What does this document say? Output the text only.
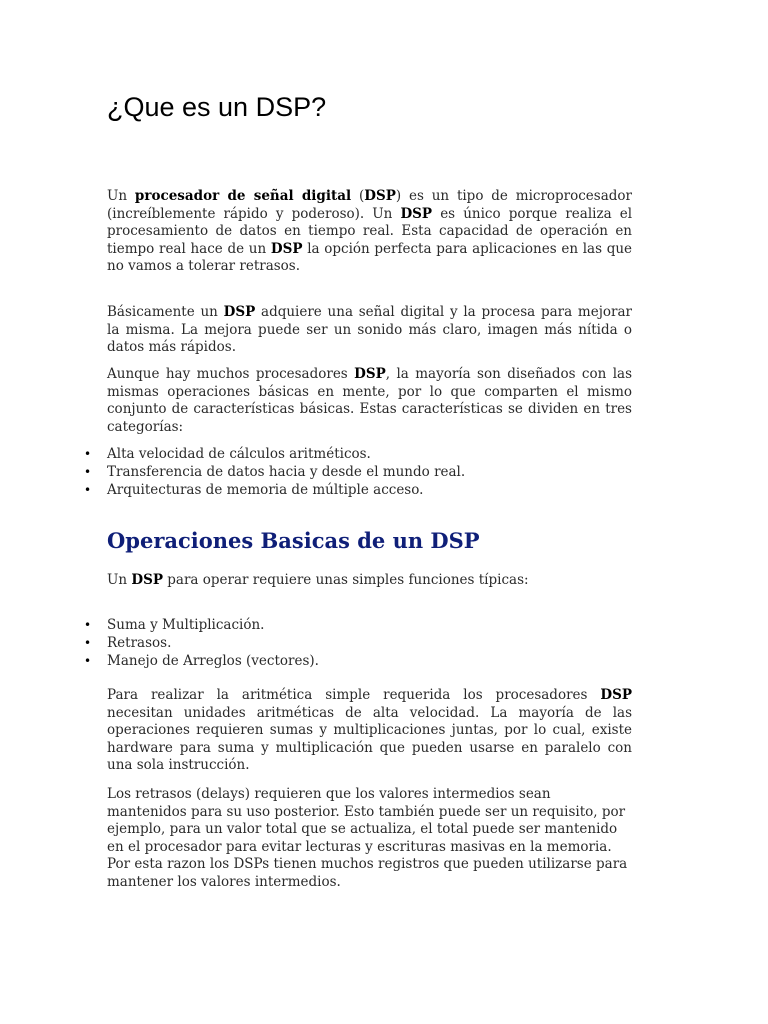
¿Que es un DSP?

Un procesador de señal digital (DSP) es un tipo de microprocesador (increíblemente rápido y poderoso). Un DSP es único porque realiza el procesamiento de datos en tiempo real. Esta capacidad de operación en tiempo real hace de un DSP la opción perfecta para aplicaciones en las que no vamos a tolerar retrasos.

Básicamente un DSP adquiere una señal digital y la procesa para mejorar la misma. La mejora puede ser un sonido más claro, imagen más nítida o datos más rápidos.

Aunque hay muchos procesadores DSP, la mayoría son diseñados con las mismas operaciones básicas en mente, por lo que comparten el mismo conjunto de características básicas. Estas características se dividen en tres categorías:

• Alta velocidad de cálculos aritméticos.
• Transferencia de datos hacia y desde el mundo real.
• Arquitecturas de memoria de múltiple acceso.
Operaciones Basicas de un DSP

Un DSP para operar requiere unas simples funciones típicas:

• Suma y Multiplicación.
• Retrasos.
• Manejo de Arreglos (vectores).

Para realizar la aritmética simple requerida los procesadores DSP necesitan unidades aritméticas de alta velocidad. La mayoría de las operaciones requieren sumas y multiplicaciones juntas, por lo cual, existe hardware para suma y multiplicación que pueden usarse en paralelo con una sola instrucción.

Los retrasos (delays) requieren que los valores intermedios sean mantenidos para su uso posterior. Esto también puede ser un requisito, por ejemplo, para un valor total que se actualiza, el total puede ser mantenido en el procesador para evitar lecturas y escrituras masivas en la memoria. Por esta razon los DSPs tienen muchos registros que pueden utilizarse para mantener los valores intermedios.
